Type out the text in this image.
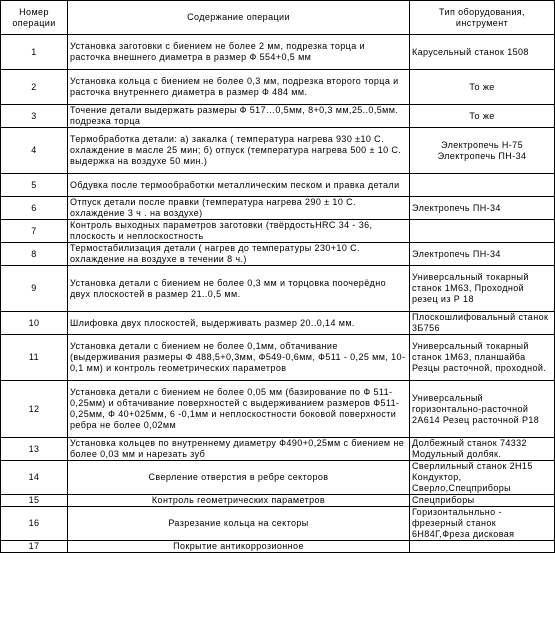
Номер
операции	Содержание операции	Тип оборудования,
инструмент
1	Установка заготовки с биением не более 2 мм, подрезка торца и расточка внешнего диаметра в размер Ф 554+0,5 мм	Карусельный станок 1508
2	Установка кольца с биением не более 0,3 мм, подрезка второго торца и расточка внутреннего диаметра в размер Ф 484 мм.	То же
3	Точение детали выдержать размеры Ф 517…0,5мм, 8+0,3 мм,25..0,5мм. подрезка торца	То же
4	Термобработка детали: а) закалка ( температура нагрева 930 ±10 С. охлаждение в масле 25 мин; б) отпуск (температура нагрева 500 ± 10 С. выдержка на воздухе 50 мин.)	Электропечь Н-75
Электропечь ПН-34
5	Обдувка после термообработки металлическим песком и правка детали	
6	Отпуск детали после правки (температура нагрева 290 ± 10 С. охлаждение 3 ч . на воздухе)	Электропечь ПН-34
7	Контроль выходных параметров заготовки (твёрдостьHRC 34 - 36, плоскость и неплоскостность	
8	Термостабилизация детали ( нагрев до температуры 230+10 С. охлаждение на воздухе в течении 8 ч.)	Электропечь ПН-34
9	Установка детали с биением не более 0,3 мм и торцовка поочерёдно двух плоскостей в размер 21..0,5 мм.	Универсальный токарный станок 1М63, Проходной резец из Р 18
10	Шлифовка двух плоскостей, выдерживать размер 20..0,14 мм.	Плоскошлифовальный станок 3Б756
11	Установка детали с биением не более 0,1мм, обтачивание (выдерживания размеры Ф 488,5+0,3мм, Ф549-0,6мм, Ф511 - 0,25 мм, 10- 0,1 мм) и контроль геометрических параметров	Универсальный токарный станок 1М63, планшайба Резцы расточной, проходной.
12	Установка детали с биением не более 0,05 мм (базирование по Ф 511-0,25мм) и обтачивание поверхностей с выдерживанием размеров Ф511-0,25мм, Ф 40+025мм, 6 -0,1мм и неплоскостности боковой поверхности ребра не более 0,02мм	Универсальный горизонтально-расточной 2А614 Резец расточной Р18
13	Установка кольцев по внутреннему диаметру Ф490+0,25мм с биением не более 0,03 мм и нарезать зуб	Долбежный станок 74332 Модульный долбяк.
14	Сверление отверстия в ребре секторов	Сверлильный станок 2Н15 Кондуктор, Сверло,Спецприборы
15	Контроль геометрических параметров	Спецприборы
16	Разрезание кольца на секторы	Горизонтальнльно - фрезерный станок 6Н84Г,Фреза дисковая
17	Покрытие антикоррозионное	
